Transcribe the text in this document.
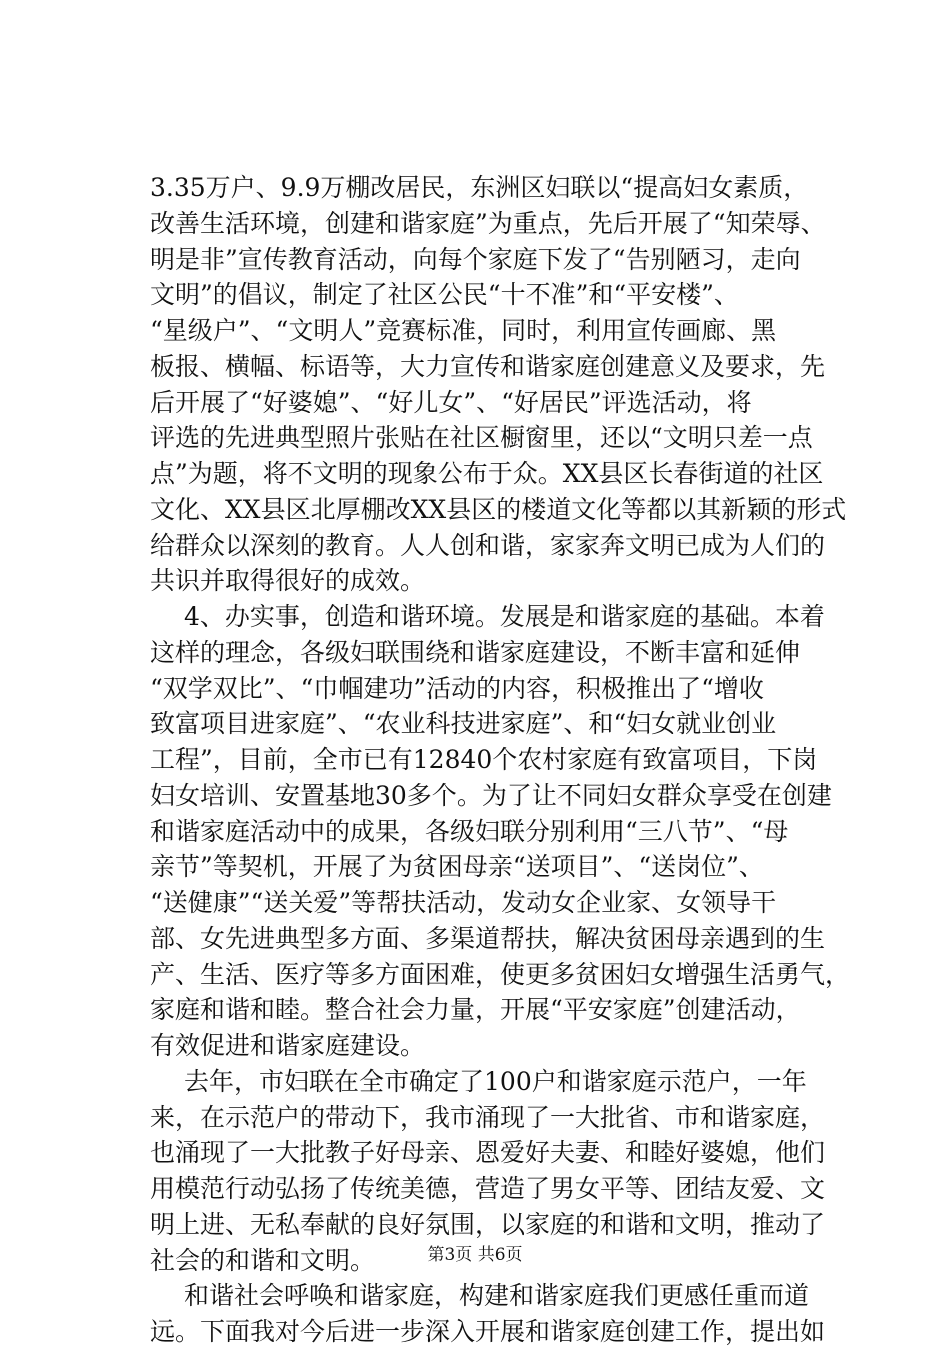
3.35万户、9.9万棚改居民，东洲区妇联以“提高妇女素质，
改善生活环境，创建和谐家庭”为重点，先后开展了“知荣辱、
明是非”宣传教育活动，向每个家庭下发了“告别陋习，走向
文明”的倡议，制定了社区公民“十不准”和“平安楼”、
“星级户”、“文明人”竞赛标准，同时，利用宣传画廊、黑
板报、横幅、标语等，大力宣传和谐家庭创建意义及要求，先
后开展了“好婆媳”、“好儿女”、“好居民”评选活动，将
评选的先进典型照片张贴在社区橱窗里，还以“文明只差一点
点”为题，将不文明的现象公布于众。XX县区长春街道的社区
文化、XX县区北厚棚改XX县区的楼道文化等都以其新颖的形式
给群众以深刻的教育。人人创和谐，家家奔文明已成为人们的
共识并取得很好的成效。
4、办实事，创造和谐环境。发展是和谐家庭的基础。本着
这样的理念，各级妇联围绕和谐家庭建设，不断丰富和延伸
“双学双比”、“巾帼建功”活动的内容，积极推出了“增收
致富项目进家庭”、“农业科技进家庭”、和“妇女就业创业
工程”，目前，全市已有12840个农村家庭有致富项目，下岗
妇女培训、安置基地30多个。为了让不同妇女群众享受在创建
和谐家庭活动中的成果，各级妇联分别利用“三八节”、“母
亲节”等契机，开展了为贫困母亲“送项目”、“送岗位”、
“送健康”“送关爱”等帮扶活动，发动女企业家、女领导干
部、女先进典型多方面、多渠道帮扶，解决贫困母亲遇到的生
产、生活、医疗等多方面困难，使更多贫困妇女增强生活勇气，
家庭和谐和睦。整合社会力量，开展“平安家庭”创建活动，
有效促进和谐家庭建设。
去年，市妇联在全市确定了100户和谐家庭示范户，一年
来，在示范户的带动下，我市涌现了一大批省、市和谐家庭，
也涌现了一大批教子好母亲、恩爱好夫妻、和睦好婆媳，他们
用模范行动弘扬了传统美德，营造了男女平等、团结友爱、文
明上进、无私奉献的良好氛围，以家庭的和谐和文明，推动了
社会的和谐和文明。
和谐社会呼唤和谐家庭，构建和谐家庭我们更感任重而道
远。下面我对今后进一步深入开展和谐家庭创建工作，提出如
第3页 共6页
